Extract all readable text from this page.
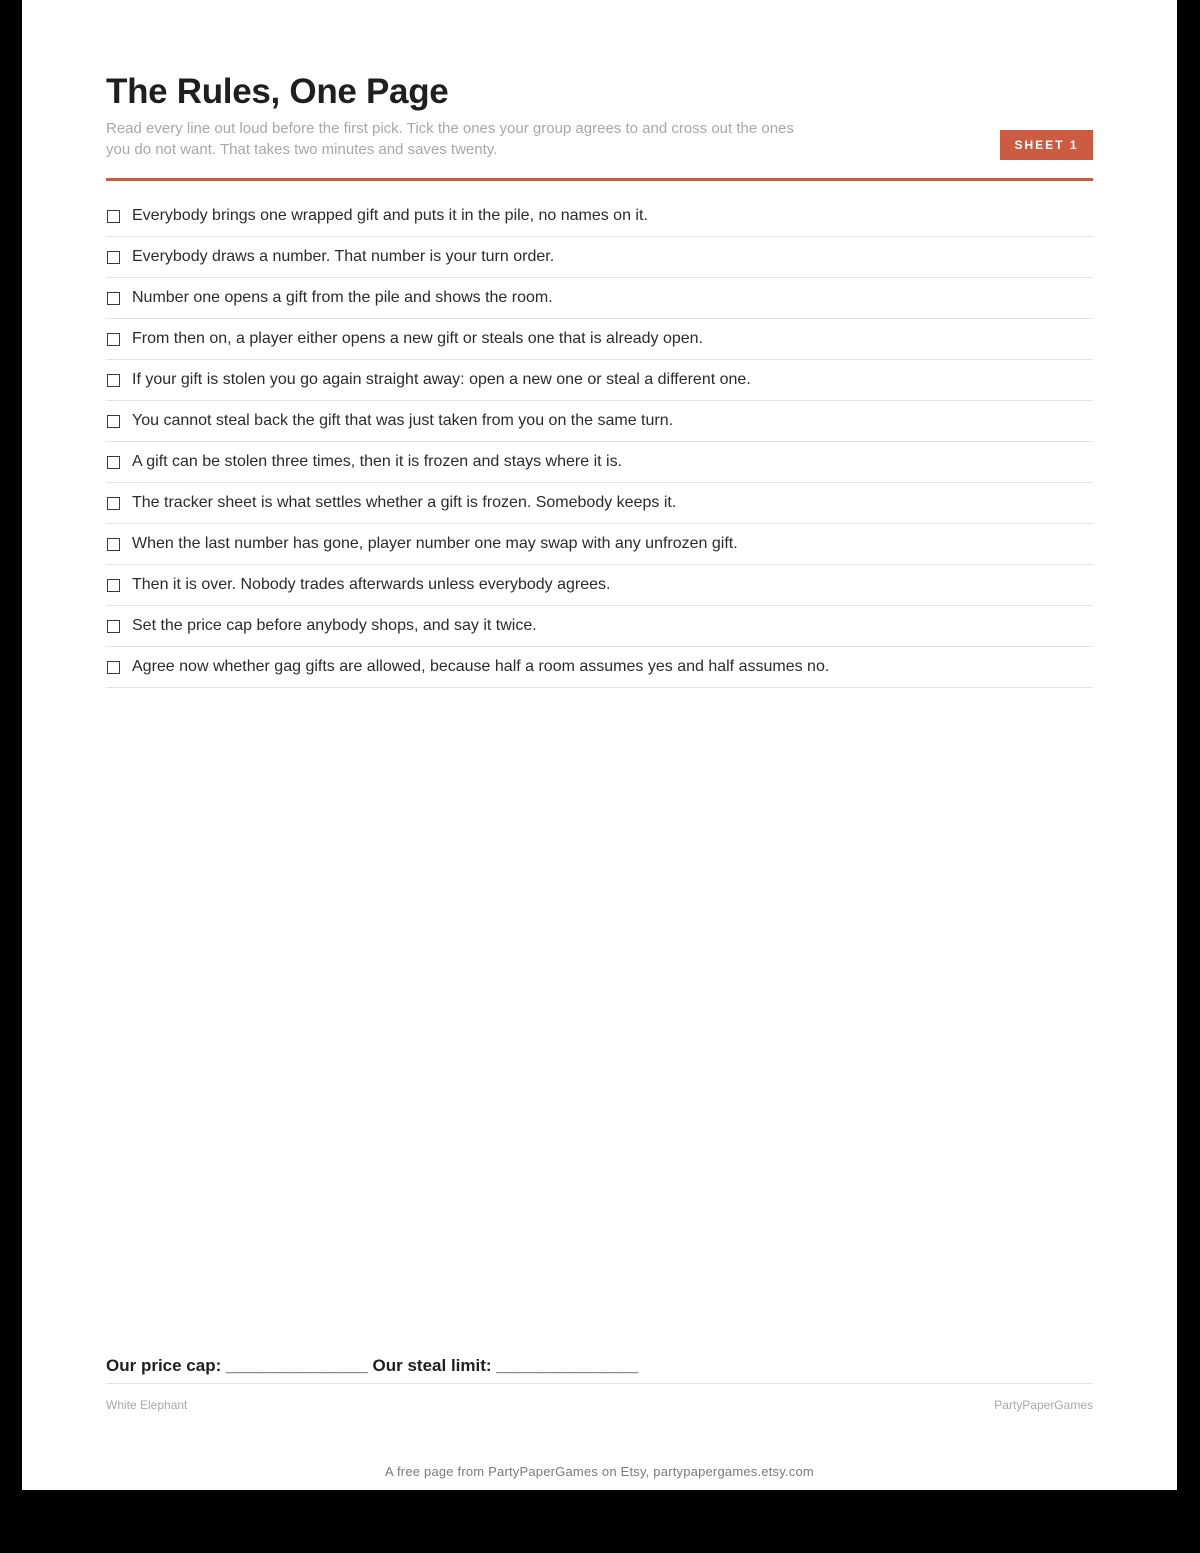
The Rules, One Page
Read every line out loud before the first pick. Tick the ones your group agrees to and cross out the ones you do not want. That takes two minutes and saves twenty.	SHEET 1
Everybody brings one wrapped gift and puts it in the pile, no names on it.
Everybody draws a number. That number is your turn order.
Number one opens a gift from the pile and shows the room.
From then on, a player either opens a new gift or steals one that is already open.
If your gift is stolen you go again straight away: open a new one or steal a different one.
You cannot steal back the gift that was just taken from you on the same turn.
A gift can be stolen three times, then it is frozen and stays where it is.
The tracker sheet is what settles whether a gift is frozen. Somebody keeps it.
When the last number has gone, player number one may swap with any unfrozen gift.
Then it is over. Nobody trades afterwards unless everybody agrees.
Set the price cap before anybody shops, and say it twice.
Agree now whether gag gifts are allowed, because half a room assumes yes and half assumes no.
Our price cap: _______________ Our steal limit: _______________
White Elephant	PartyPaperGames
A free page from PartyPaperGames on Etsy, partypapergames.etsy.com
